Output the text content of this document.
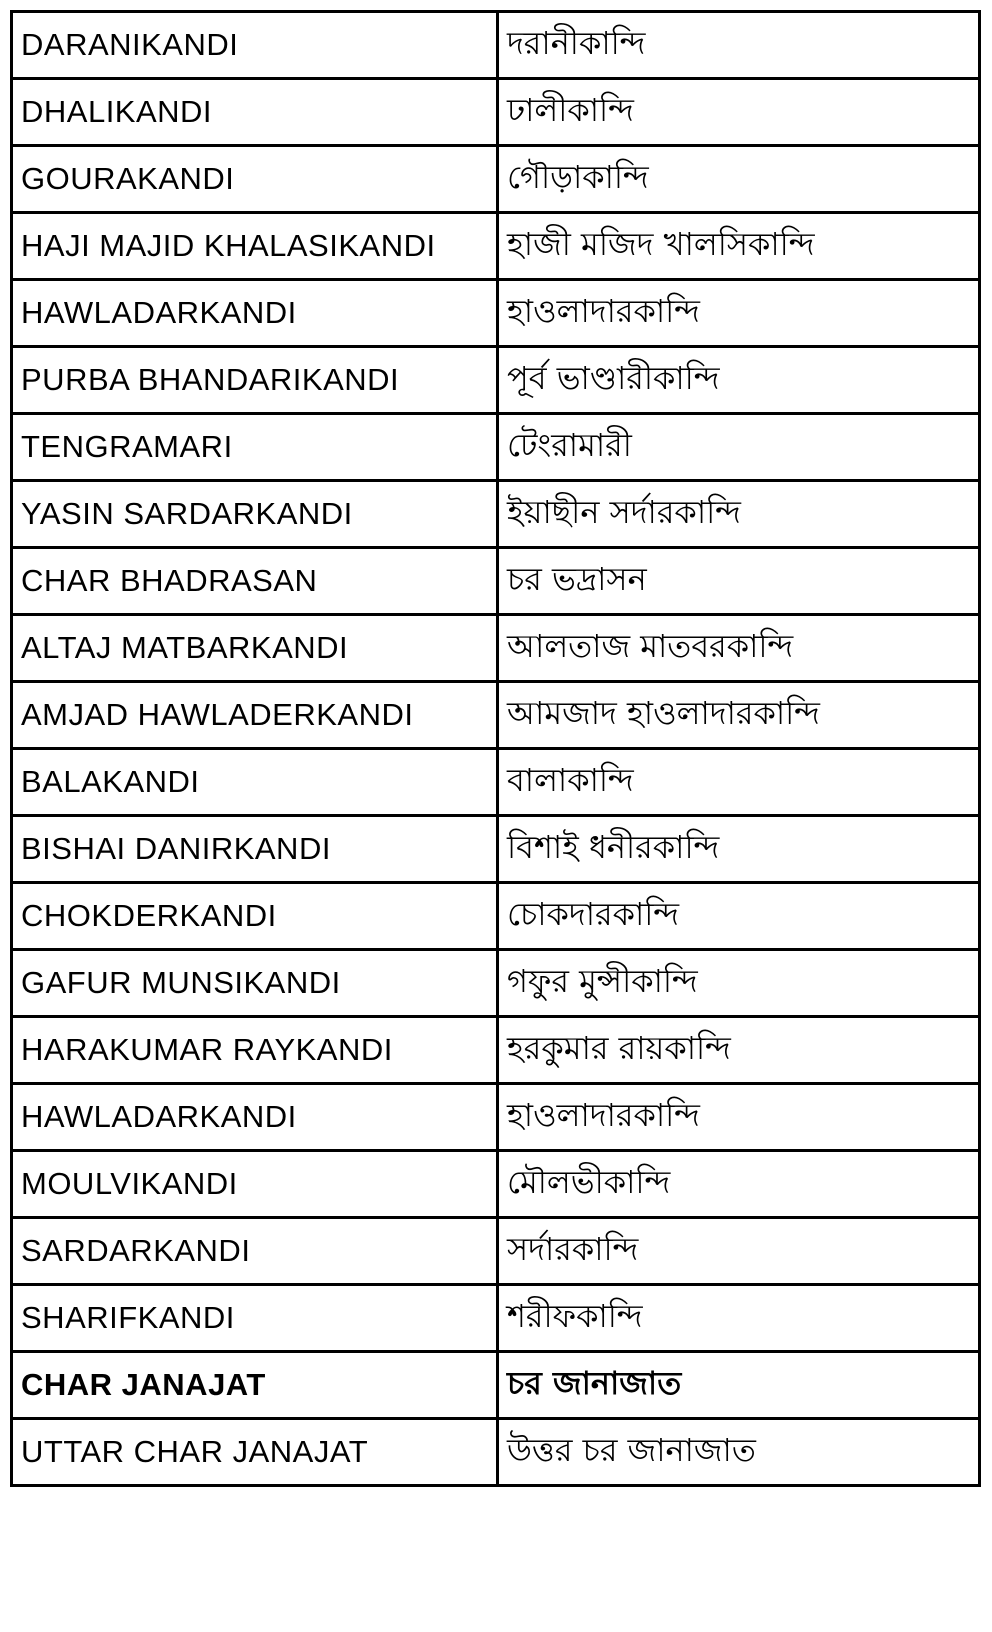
DARANIKANDI	দরানীকান্দি
DHALIKANDI	ঢালীকান্দি
GOURAKANDI	গৌড়াকান্দি
HAJI MAJID KHALASIKANDI	হাজী মজিদ খালসিকান্দি
HAWLADARKANDI	হাওলাদারকান্দি
PURBA BHANDARIKANDI	পূর্ব ভাণ্ডারীকান্দি
TENGRAMARI	টেংরামারী
YASIN SARDARKANDI	ইয়াছীন সর্দারকান্দি
CHAR BHADRASAN	চর ভদ্রাসন
ALTAJ MATBARKANDI	আলতাজ মাতবরকান্দি
AMJAD HAWLADERKANDI	আমজাদ হাওলাদারকান্দি
BALAKANDI	বালাকান্দি
BISHAI DANIRKANDI	বিশাই ধনীরকান্দি
CHOKDERKANDI	চোকদারকান্দি
GAFUR MUNSIKANDI	গফুর মুন্সীকান্দি
HARAKUMAR RAYKANDI	হরকুমার রায়কান্দি
HAWLADARKANDI	হাওলাদারকান্দি
MOULVIKANDI	মৌলভীকান্দি
SARDARKANDI	সর্দারকান্দি
SHARIFKANDI	শরীফকান্দি
CHAR JANAJAT	চর জানাজাত
UTTAR CHAR JANAJAT	উত্তর চর জানাজাত
